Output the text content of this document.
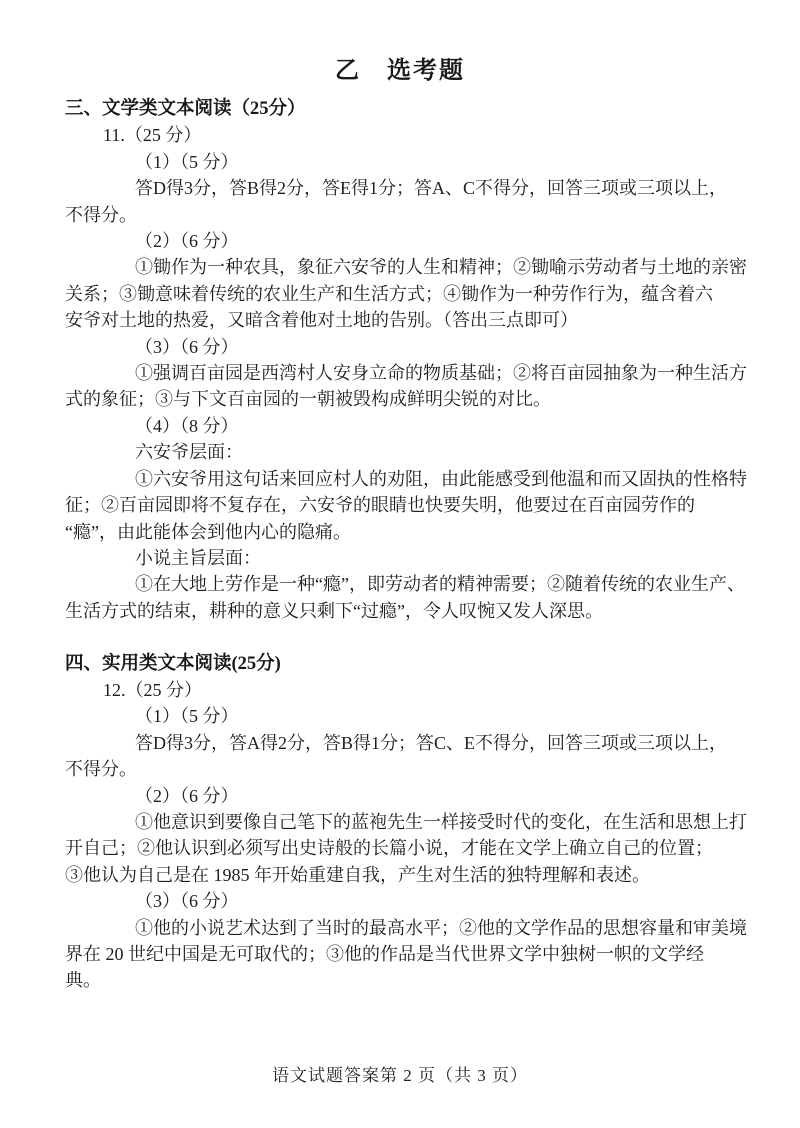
乙　选考题
三、文学类文本阅读（25分）
11.（25 分）
（1）（5 分）
答D得3分，答B得2分，答E得1分；答A、C不得分，回答三项或三项以上，
不得分。
（2）（6 分）
①锄作为一种农具，象征六安爷的人生和精神；②锄喻示劳动者与土地的亲密
关系；③锄意味着传统的农业生产和生活方式；④锄作为一种劳作行为，蕴含着六
安爷对土地的热爱，又暗含着他对土地的告别。（答出三点即可）
（3）（6 分）
①强调百亩园是西湾村人安身立命的物质基础；②将百亩园抽象为一种生活方
式的象征；③与下文百亩园的一朝被毁构成鲜明尖锐的对比。
（4）（8 分）
六安爷层面：
①六安爷用这句话来回应村人的劝阻，由此能感受到他温和而又固执的性格特
征；②百亩园即将不复存在，六安爷的眼睛也快要失明，他要过在百亩园劳作的
“瘾”，由此能体会到他内心的隐痛。
小说主旨层面：
①在大地上劳作是一种“瘾”，即劳动者的精神需要；②随着传统的农业生产、
生活方式的结束，耕种的意义只剩下“过瘾”，令人叹惋又发人深思。
四、实用类文本阅读(25分)
12.（25 分）
（1）（5 分）
答D得3分，答A得2分，答B得1分；答C、E不得分，回答三项或三项以上，
不得分。
（2）（6 分）
①他意识到要像自己笔下的蓝袍先生一样接受时代的变化，在生活和思想上打
开自己；②他认识到必须写出史诗般的长篇小说，才能在文学上确立自己的位置；
③他认为自己是在 1985 年开始重建自我，产生对生活的独特理解和表述。
（3）（6 分）
①他的小说艺术达到了当时的最高水平；②他的文学作品的思想容量和审美境
界在 20 世纪中国是无可取代的；③他的作品是当代世界文学中独树一帜的文学经
典。
语文试题答案第 2 页（共 3 页）
